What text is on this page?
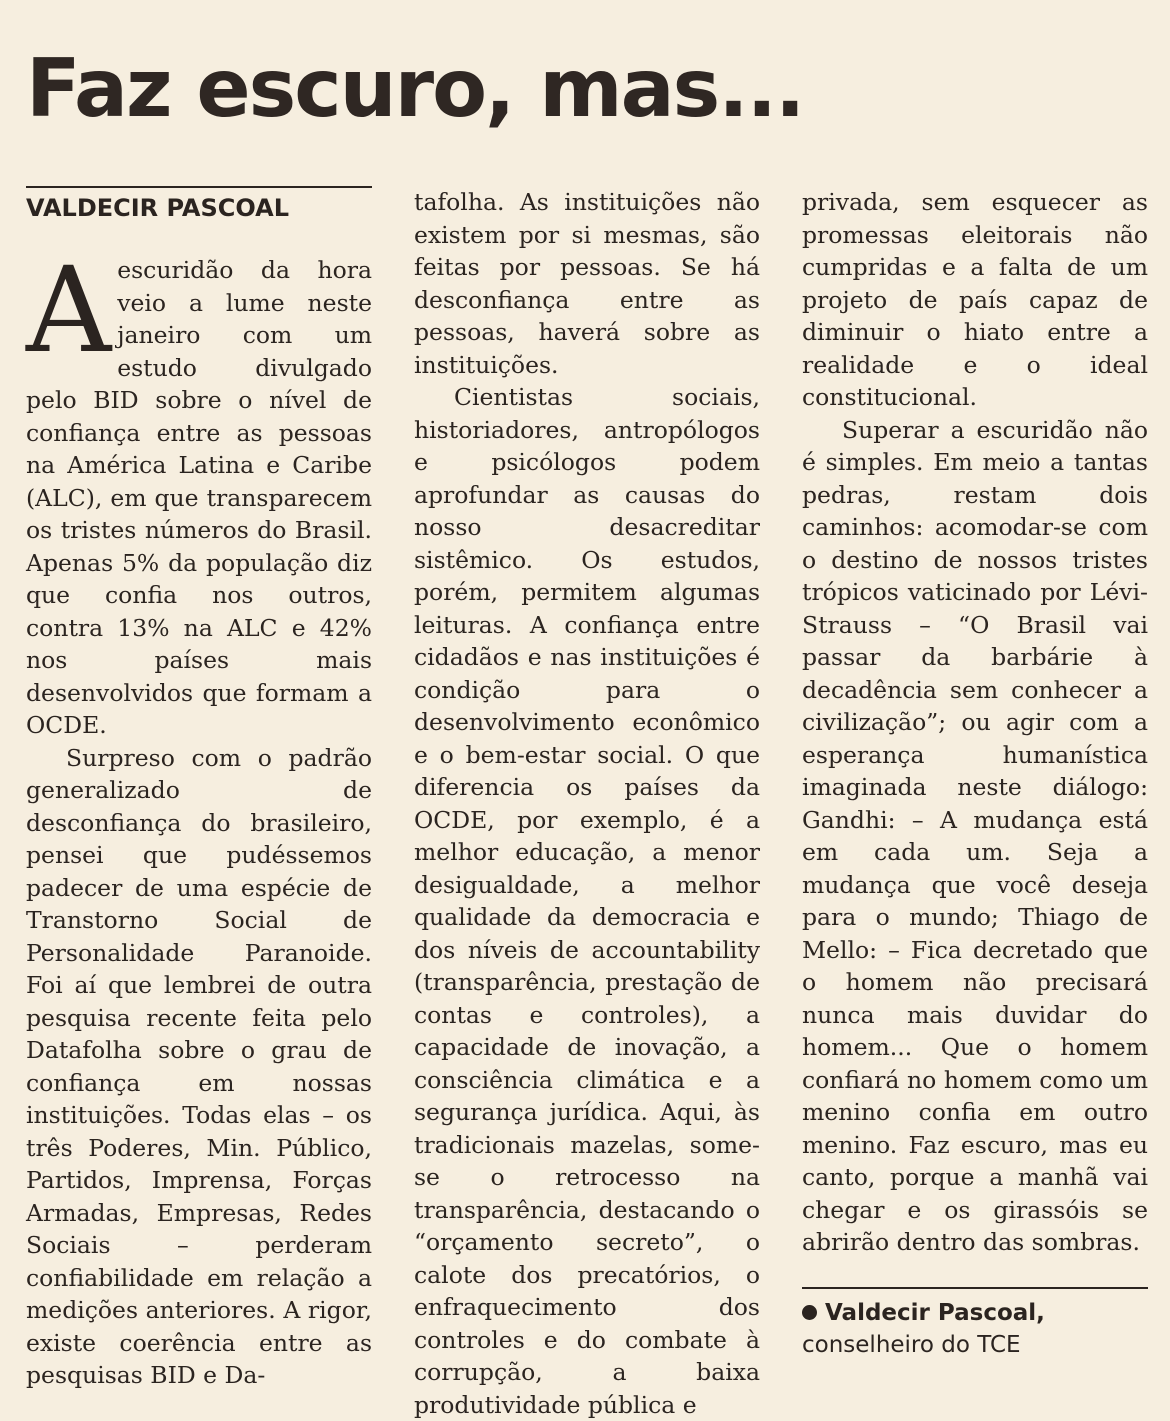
Faz escuro, mas...
VALDECIR PASCOAL

Aescuridão da hora veio a lume neste janeiro com um estudo divulgado pelo BID sobre o nível de confiança entre as pessoas na América Latina e Caribe (ALC), em que transparecem os tristes números do Brasil. Apenas 5% da população diz que confia nos outros, contra 13% na ALC e 42% nos países mais desenvolvidos que formam a OCDE.

Surpreso com o padrão generalizado de desconfiança do brasileiro, pensei que pudéssemos padecer de uma espécie de Transtorno Social de Personalidade Paranoide. Foi aí que lembrei de outra pesquisa recente feita pelo Datafolha sobre o grau de confiança em nossas instituições. Todas elas – os três Poderes, Min. Público, Partidos, Imprensa, Forças Armadas, Empresas, Redes Sociais – perderam confiabilidade em relação a medições anteriores. A rigor, existe coerência entre as pesquisas BID e Da-

tafolha. As instituições não existem por si mesmas, são feitas por pessoas. Se há desconfiança entre as pessoas, haverá sobre as instituições.

Cientistas sociais, historiadores, antropólogos e psicólogos podem aprofundar as causas do nosso desacreditar sistêmico. Os estudos, porém, permitem algumas leituras. A confiança entre cidadãos e nas instituições é condição para o desenvolvimento econômico e o bem-estar social. O que diferencia os países da OCDE, por exemplo, é a melhor educação, a menor desigualdade, a melhor qualidade da democracia e dos níveis de accountability (transparência, prestação de contas e controles), a capacidade de inovação, a consciência climática e a segurança jurídica. Aqui, às tradicionais mazelas, some-se o retrocesso na transparência, destacando o “orçamento secreto”, o calote dos precatórios, o enfraquecimento dos controles e do combate à corrupção, a baixa produtividade pública e

privada, sem esquecer as promessas eleitorais não cumpridas e a falta de um projeto de país capaz de diminuir o hiato entre a realidade e o ideal constitucional.

Superar a escuridão não é simples. Em meio a tantas pedras, restam dois caminhos: acomodar-se com o destino de nossos tristes trópicos vaticinado por Lévi-Strauss – “O Brasil vai passar da barbárie à decadência sem conhecer a civilização”; ou agir com a esperança humanística imaginada neste diálogo: Gandhi: – A mudança está em cada um. Seja a mudança que você deseja para o mundo; Thiago de Mello: – Fica decretado que o homem não precisará nunca mais duvidar do homem... Que o homem confiará no homem como um menino confia em outro menino. Faz escuro, mas eu canto, porque a manhã vai chegar e os girassóis se abrirão dentro das sombras.

Valdecir Pascoal,
conselheiro do TCE
